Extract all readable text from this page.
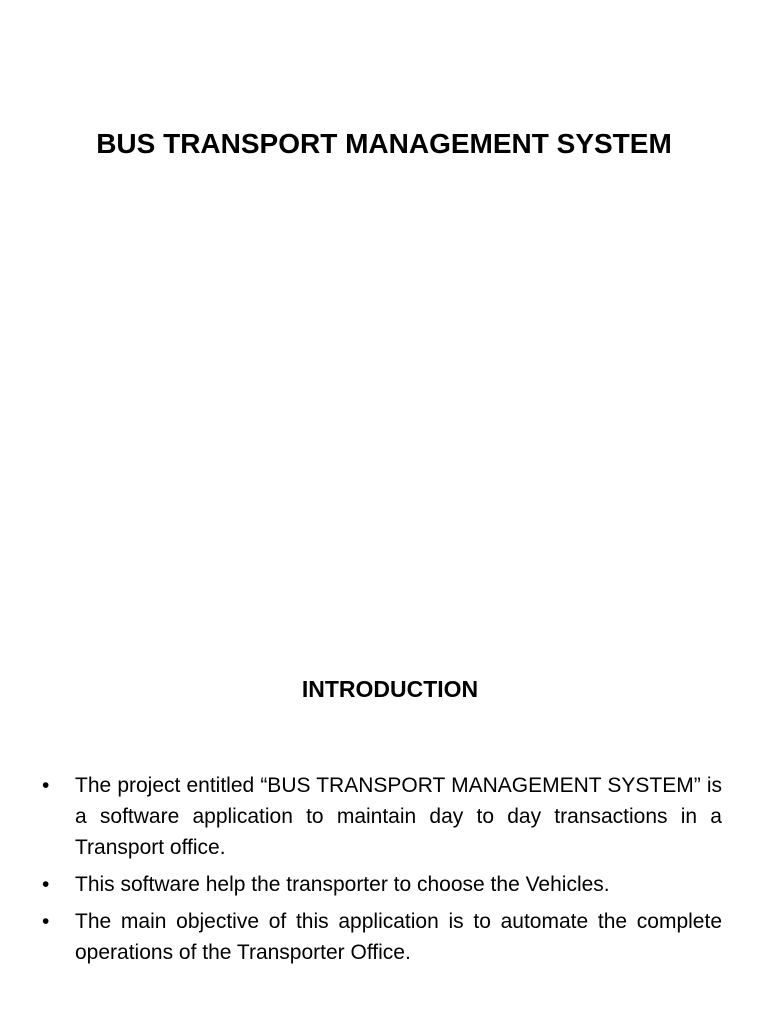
BUS TRANSPORT MANAGEMENT SYSTEM
INTRODUCTION
• The project entitled “BUS TRANSPORT MANAGEMENT SYSTEM” is a software application to maintain day to day transactions in a Transport office.
• This software help the transporter to choose the Vehicles.
• The main objective of this application is to automate the complete operations of the Transporter Office.
